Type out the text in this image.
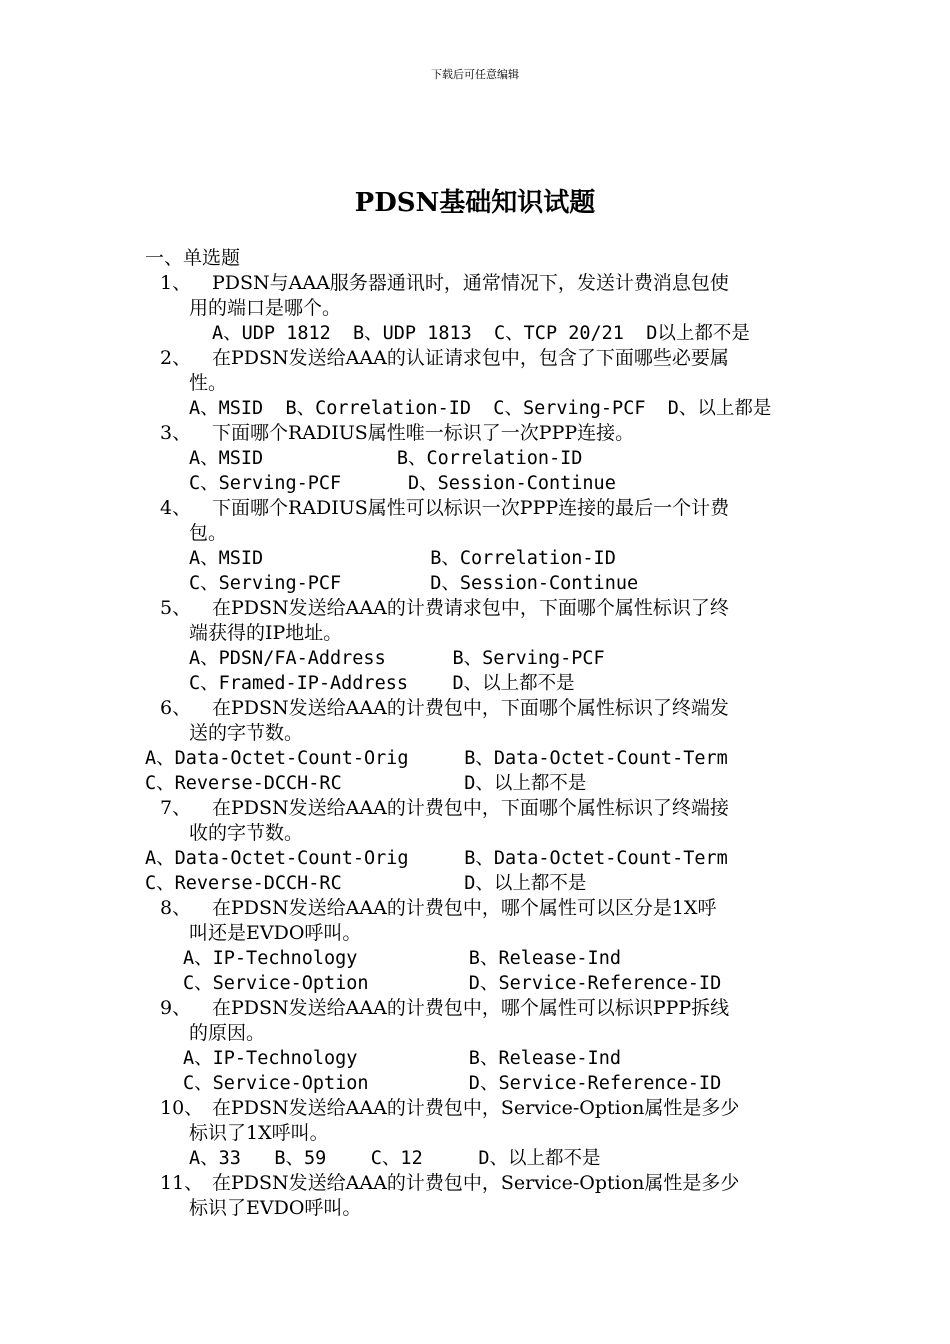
下载后可任意编辑
PDSN基础知识试题
一、单选题
1、 PDSN与AAA服务器通讯时，通常情况下，发送计费消息包使
用的端口是哪个。
A、UDP 1812  B、UDP 1813  C、TCP 20/21  D以上都不是
2、 在PDSN发送给AAA的认证请求包中，包含了下面哪些必要属
性。
A、MSID  B、Correlation-ID  C、Serving-PCF  D、以上都是
3、 下面哪个RADIUS属性唯一标识了一次PPP连接。
A、MSID            B、Correlation-ID
C、Serving-PCF      D、Session-Continue
4、 下面哪个RADIUS属性可以标识一次PPP连接的最后一个计费
包。
A、MSID               B、Correlation-ID
C、Serving-PCF        D、Session-Continue
5、 在PDSN发送给AAA的计费请求包中，下面哪个属性标识了终
端获得的IP地址。
A、PDSN/FA-Address      B、Serving-PCF
C、Framed-IP-Address    D、以上都不是
6、 在PDSN发送给AAA的计费包中，下面哪个属性标识了终端发
送的字节数。
A、Data-Octet-Count-Orig     B、Data-Octet-Count-Term
C、Reverse-DCCH-RC           D、以上都不是
7、 在PDSN发送给AAA的计费包中，下面哪个属性标识了终端接
收的字节数。
A、Data-Octet-Count-Orig     B、Data-Octet-Count-Term
C、Reverse-DCCH-RC           D、以上都不是
8、 在PDSN发送给AAA的计费包中，哪个属性可以区分是1X呼
叫还是EVDO呼叫。
A、IP-Technology          B、Release-Ind
C、Service-Option         D、Service-Reference-ID
9、 在PDSN发送给AAA的计费包中，哪个属性可以标识PPP拆线
的原因。
A、IP-Technology          B、Release-Ind
C、Service-Option         D、Service-Reference-ID
10、 在PDSN发送给AAA的计费包中，Service-Option属性是多少
标识了1X呼叫。
A、33   B、59    C、12     D、以上都不是
11、 在PDSN发送给AAA的计费包中，Service-Option属性是多少
标识了EVDO呼叫。
